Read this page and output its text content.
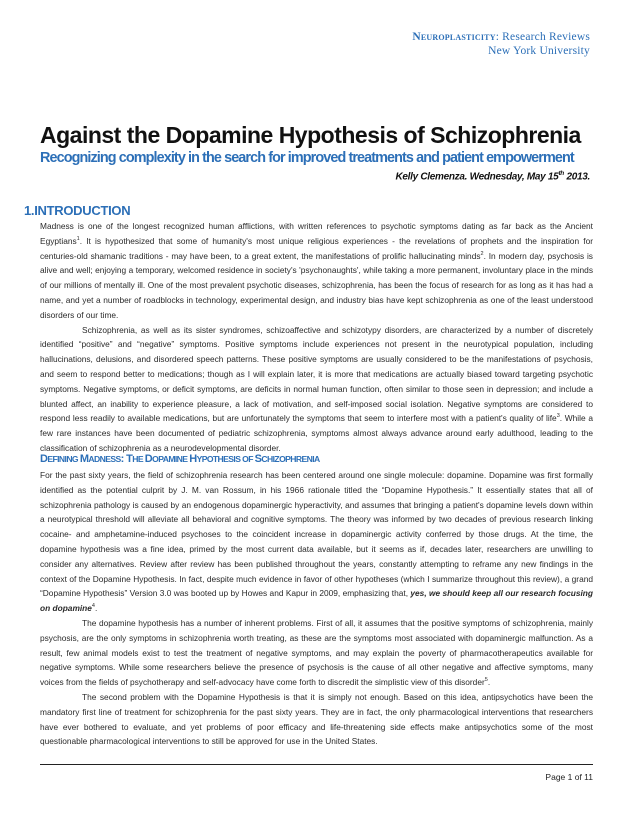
Neuroplasticity: Research Reviews
New York University
Against the Dopamine Hypothesis of Schizophrenia
Recognizing complexity in the search for improved treatments and patient empowerment
Kelly Clemenza. Wednesday, May 15th 2013.
1.INTRODUCTION

Madness is one of the longest recognized human afflictions, with written references to psychotic symptoms dating as far back as the Ancient Egyptians$^1$. It is hypothesized that some of humanity's most unique religious experiences - the revelations of prophets and the inspiration for centuries-old shamanic traditions - may have been, to a great extent, the manifestations of prolific hallucinating minds$^2$. In modern day, psychosis is alive and well; enjoying a temporary, welcomed residence in society's 'psychonaughts', while taking a more permanent, involuntary place in the minds of our millions of mentally ill. One of the most prevalent psychotic diseases, schizophrenia, has been the focus of research for as long as it has had a name, and yet a number of roadblocks in technology, experimental design, and industry bias have kept schizophrenia as one of the least understood disorders of our time.

Schizophrenia, as well as its sister syndromes, schizoaffective and schizotypy disorders, are characterized by a number of discretely identified “positive” and “negative” symptoms. Positive symptoms include experiences not present in the neurotypical population, including hallucinations, delusions, and disordered speech patterns. These positive symptoms are usually considered to be the manifestations of psychosis, and seem to respond better to medications; though as I will explain later, it is more that medications are actually biased toward targeting psychotic symptoms. Negative symptoms, or deficit symptoms, are deficits in normal human function, often similar to those seen in depression; and include a blunted affect, an inability to experience pleasure, a lack of motivation, and self-imposed social isolation. Negative symptoms are considered to respond less readily to available medications, but are unfortunately the symptoms that seem to interfere most with a patient's quality of life$^3$. While a few rare instances have been documented of pediatric schizophrenia, symptoms almost always advance around early adulthood, leading to the classification of schizophrenia as a neurodevelopmental disorder.

DEFINING MADNESS: THE DOPAMINE HYPOTHESIS OF SCHIZOPHRENIA

For the past sixty years, the field of schizophrenia research has been centered around one single molecule: dopamine. Dopamine was first formally identified as the potential culprit by J. M. van Rossum, in his 1966 rationale titled the “Dopamine Hypothesis.” It essentially states that all of schizophrenia pathology is caused by an endogenous dopaminergic hyperactivity, and assumes that bringing a patient's dopamine levels down within a neurotypical threshold will alleviate all behavioral and cognitive symptoms. The theory was informed by two decades of previous research linking cocaine- and amphetamine-induced psychoses to the coincident increase in dopaminergic activity conferred by those drugs. At the time, the dopamine hypothesis was a fine idea, primed by the most current data available, but it seems as if, decades later, researchers are unwilling to consider any alternatives. Review after review has been published throughout the years, constantly attempting to reframe any new findings in the context of the Dopamine Hypothesis. In fact, despite much evidence in favor of other hypotheses (which I summarize throughout this review), a grand “Dopamine Hypothesis” Version 3.0 was booted up by Howes and Kapur in 2009, emphasizing that, yes, we should keep all our research focusing on dopamine$^4$.

The dopamine hypothesis has a number of inherent problems. First of all, it assumes that the positive symptoms of schizophrenia, mainly psychosis, are the only symptoms in schizophrenia worth treating, as these are the symptoms most associated with dopaminergic malfunction. As a result, few animal models exist to test the treatment of negative symptoms, and may explain the poverty of pharmacotherapeutics available for negative symptoms. While some researchers believe the presence of psychosis is the cause of all other negative and affective symptoms, many voices from the fields of psychotherapy and self-advocacy have come forth to discredit the simplistic view of this disorder$^5$.

The second problem with the Dopamine Hypothesis is that it is simply not enough. Based on this idea, antipsychotics have been the mandatory first line of treatment for schizophrenia for the past sixty years. They are in fact, the only pharmacological interventions that researchers have ever bothered to evaluate, and yet problems of poor efficacy and life-threatening side effects make antipsychotics some of the most questionable pharmacological interventions to still be approved for use in the United States.

Page 1 of 11
